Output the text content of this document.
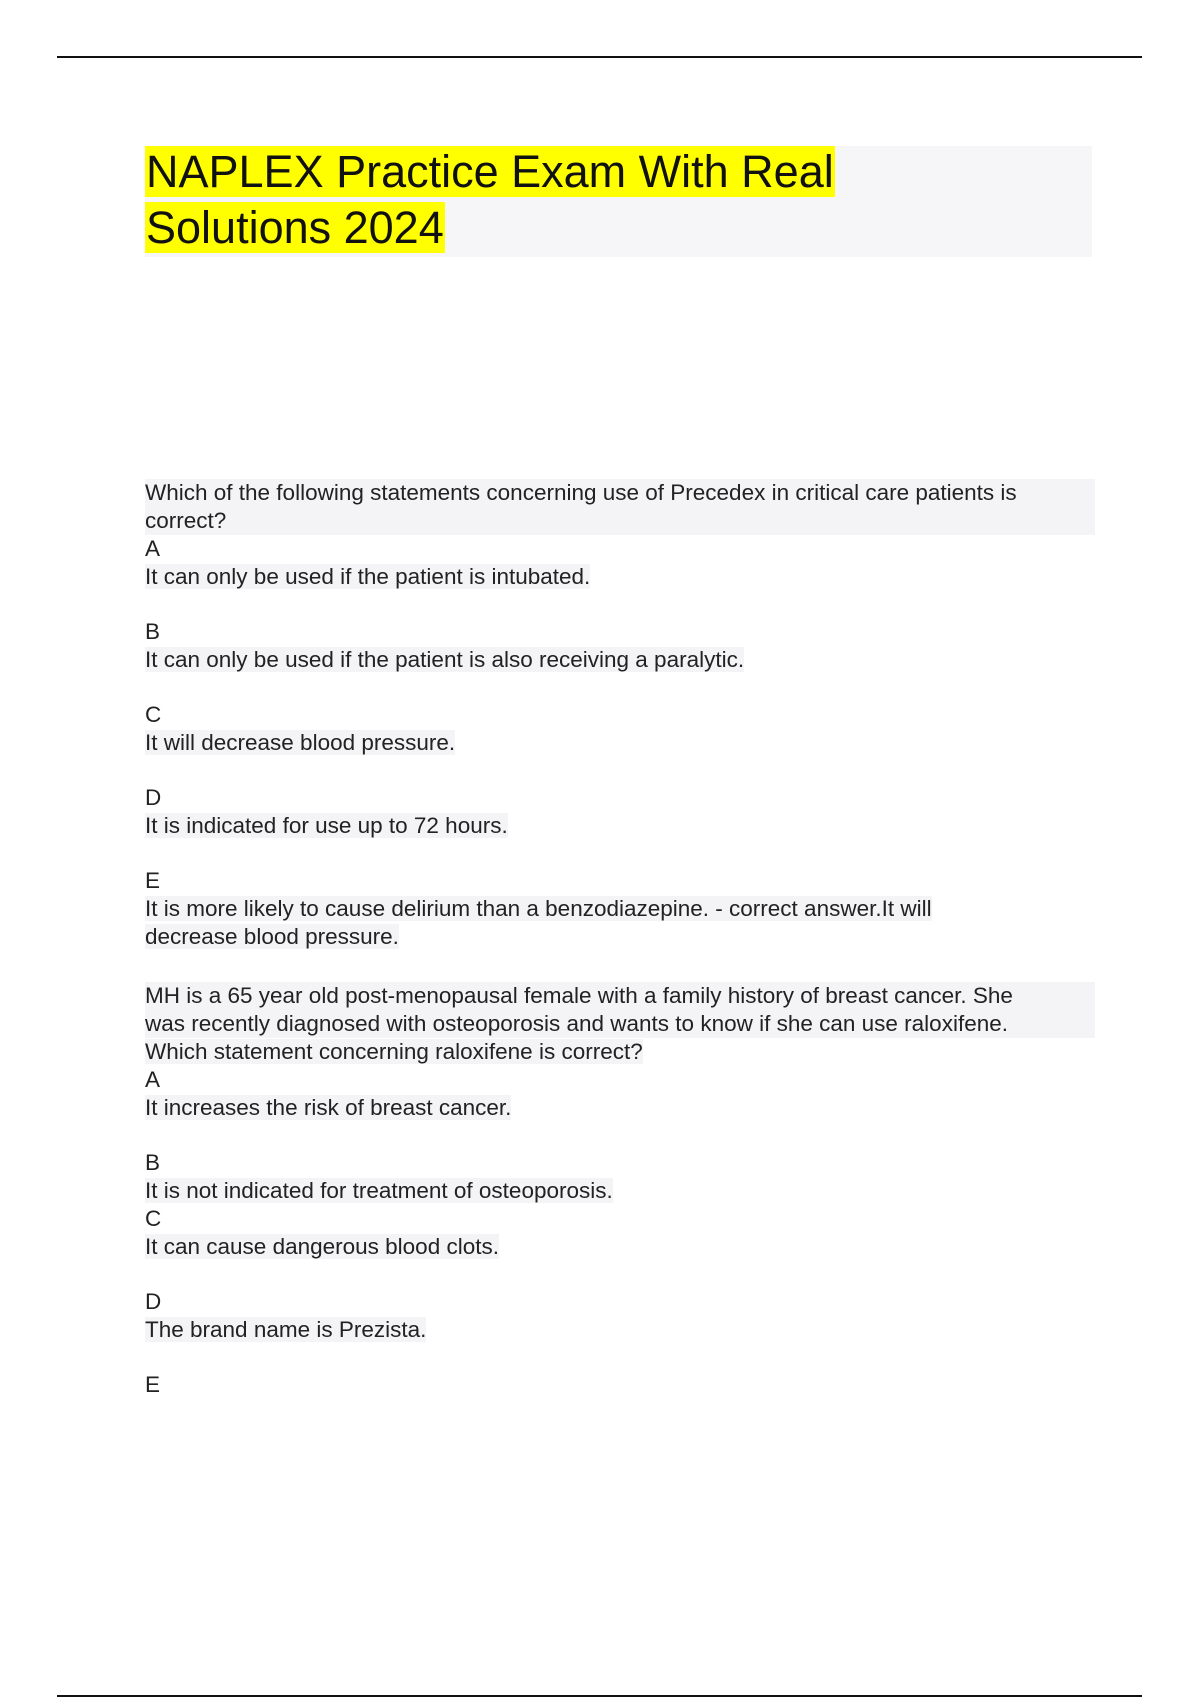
NAPLEX Practice Exam With Real
Solutions 2024
Which of the following statements concerning use of Precedex in critical care patients is
correct?
A
It can only be used if the patient is intubated.
B
It can only be used if the patient is also receiving a paralytic.
C
It will decrease blood pressure.
D
It is indicated for use up to 72 hours.
E
It is more likely to cause delirium than a benzodiazepine. - correct answer.It will
decrease blood pressure.
MH is a 65 year old post-menopausal female with a family history of breast cancer. She
was recently diagnosed with osteoporosis and wants to know if she can use raloxifene.
Which statement concerning raloxifene is correct?
A
It increases the risk of breast cancer.
B
It is not indicated for treatment of osteoporosis.
C
It can cause dangerous blood clots.
D
The brand name is Prezista.
E
